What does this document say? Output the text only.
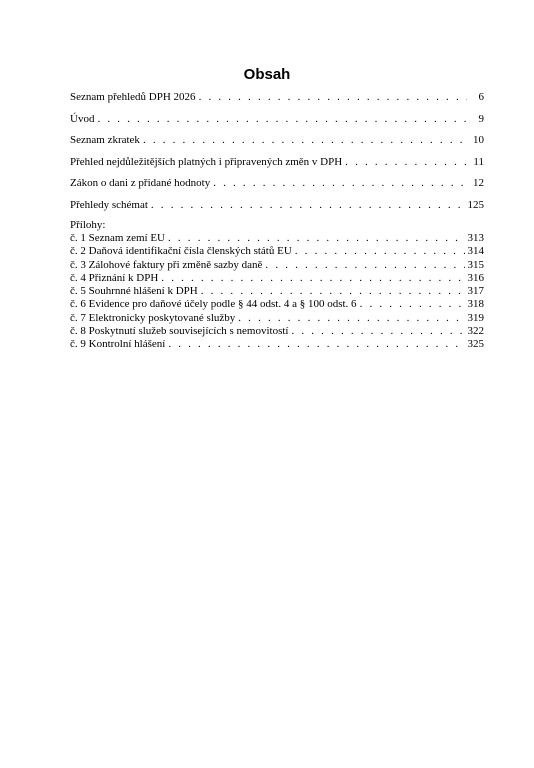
Obsah
Seznam přehledů DPH 2026 . . .	6
Úvod . . .	9
Seznam zkratek . . .	10
Přehled nejdůležitějších platných i připravených změn v DPH . . .	11
Zákon o dani z přidané hodnoty . . .	12
Přehledy schémat . . .	125
Přílohy:
č. 1 Seznam zemí EU . . .	313
č. 2 Daňová identifikační čísla členských států EU . . .	314
č. 3 Zálohové faktury při změně sazby daně . . .	315
č. 4 Přiznání k DPH . . .	316
č. 5 Souhrnné hlášení k DPH . . .	317
č. 6 Evidence pro daňové účely podle § 44 odst. 4 a § 100 odst. 6 . . .	318
č. 7 Elektronicky poskytované služby . . .	319
č. 8 Poskytnutí služeb souvisejících s nemovitostí . . .	322
č. 9 Kontrolní hlášení . . .	325
